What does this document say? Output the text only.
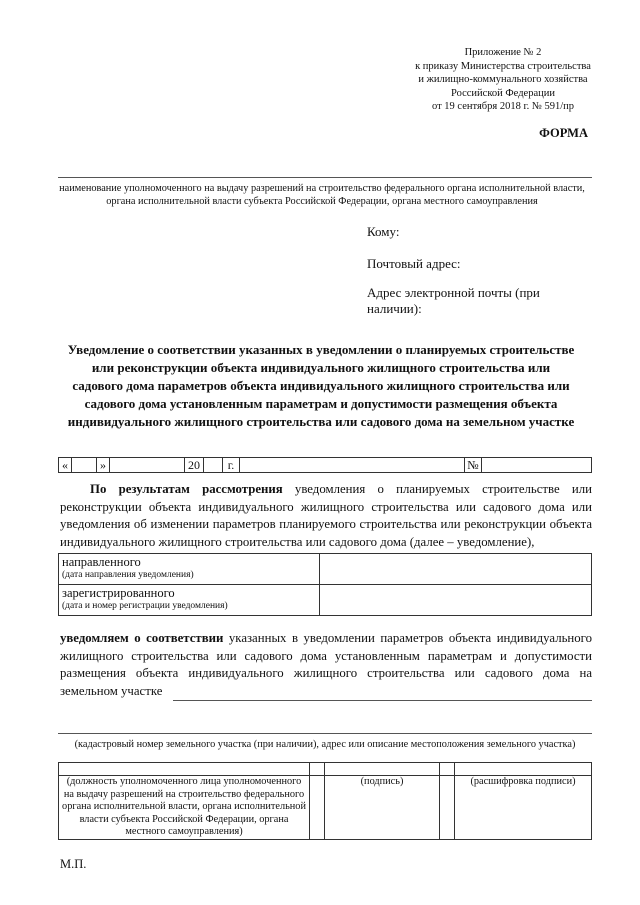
Приложение № 2
к приказу Министерства строительства
и жилищно-коммунального хозяйства
Российской Федерации
от 19 сентября 2018 г. № 591/пр
ФОРМА
наименование уполномоченного на выдачу разрешений на строительство федерального органа исполнительной власти, органа исполнительной власти субъекта Российской Федерации, органа местного самоуправления
Кому:
Почтовый адрес:
Адрес электронной почты (при наличии):
Уведомление о соответствии указанных в уведомлении о планируемых строительстве или реконструкции объекта индивидуального жилищного строительства или садового дома параметров объекта индивидуального жилищного строительства или садового дома установленным параметрам и допустимости размещения объекта индивидуального жилищного строительства или садового дома на земельном участке
«		»		20		г.		№	
По результатам рассмотрения уведомления о планируемых строительстве или реконструкции объекта индивидуального жилищного строительства или садового дома или уведомления об изменении параметров планируемого строительства или реконструкции объекта индивидуального жилищного строительства или садового дома (далее – уведомление),
направленного
(дата направления уведомления)	

зарегистрированного
(дата и номер регистрации уведомления)	

уведомляем о соответствии указанных в уведомлении параметров объекта индивидуального жилищного строительства или садового дома установленным параметрам и допустимости размещения объекта индивидуального жилищного строительства или садового дома на земельном участке
(кадастровый номер земельного участка (при наличии), адрес или описание местоположения земельного участка)

(должность уполномоченного лица уполномоченного на выдачу разрешений на строительство федерального органа исполнительной власти, органа исполнительной власти субъекта Российской Федерации, органа местного самоуправления)		(подпись)		(расшифровка подписи)
М.П.
